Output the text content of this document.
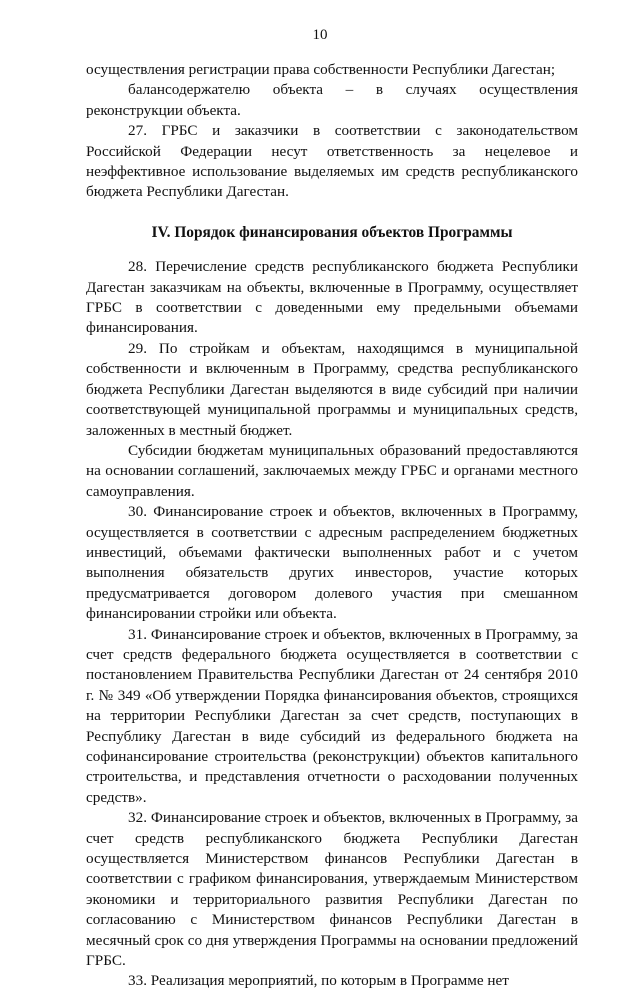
10

осуществления регистрации права собственности Республики Дагестан;

балансодержателю объекта – в случаях осуществления реконструкции объекта.

27. ГРБС и заказчики в соответствии с законодательством Российской Федерации несут ответственность за нецелевое и неэффективное использование выделяемых им средств республиканского бюджета Республики Дагестан.

IV. Порядок финансирования объектов Программы

28. Перечисление средств республиканского бюджета Республики Дагестан заказчикам на объекты, включенные в Программу, осуществляет ГРБС в соответствии с доведенными ему предельными объемами финансирования.

29. По стройкам и объектам, находящимся в муниципальной собственности и включенным в Программу, средства республиканского бюджета Республики Дагестан выделяются в виде субсидий при наличии соответствующей муниципальной программы и муниципальных средств, заложенных в местный бюджет.

Субсидии бюджетам муниципальных образований предоставляются на основании соглашений, заключаемых между ГРБС и органами местного самоуправления.

30. Финансирование строек и объектов, включенных в Программу, осуществляется в соответствии с адресным распределением бюджетных инвестиций, объемами фактически выполненных работ и с учетом выполнения обязательств других инвесторов, участие которых предусматривается договором долевого участия при смешанном финансировании стройки или объекта.

31. Финансирование строек и объектов, включенных в Программу, за счет средств федерального бюджета осуществляется в соответствии с постановлением Правительства Республики Дагестан от 24 сентября 2010 г. № 349 «Об утверждении Порядка финансирования объектов, строящихся на территории Республики Дагестан за счет средств, поступающих в Республику Дагестан в виде субсидий из федерального бюджета на софинансирование строительства (реконструкции) объектов капитального строительства, и представления отчетности о расходовании полученных средств».

32. Финансирование строек и объектов, включенных в Программу, за счет средств республиканского бюджета Республики Дагестан осуществляется Министерством финансов Республики Дагестан в соответствии с графиком финансирования, утверждаемым Министерством экономики и территориального развития Республики Дагестан по согласованию с Министерством финансов Республики Дагестан в месячный срок со дня утверждения Программы на основании предложений ГРБС.

33. Реализация мероприятий, по которым в Программе нет
